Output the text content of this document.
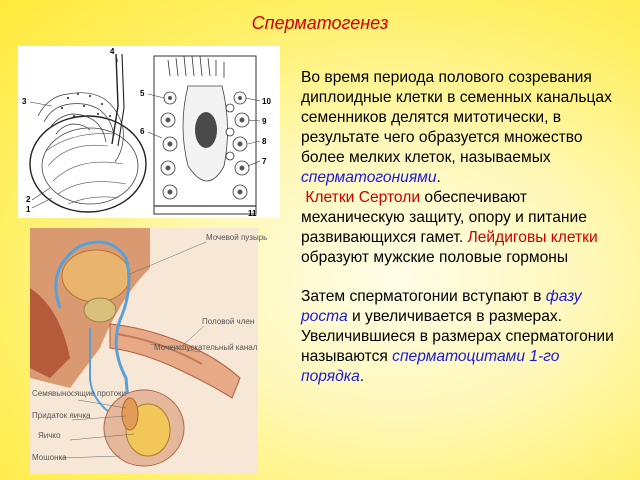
Сперматогенез
1
2
3
4
5
6
7
8
9
10
11
Мочевой пузырь
Половой член
Мочеиспускательный канал
Семявыносящие протоки
Придаток яичка
Яичко
Мошонка

Во время периода полового созревания диплоидные клетки в семенных канальцах семенников делятся митотически, в результате чего образуется множество более мелких клеток, называемых сперматогониями.

Клетки Сертоли обеспечивают механическую защиту, опору и питание развивающихся гамет. Лейдиговы клетки образуют мужские половые гормоны

Затем сперматогонии вступают в фазу роста и увеличивается в размерах. Увеличившиеся в размерах сперматогонии называются сперматоцитами 1-го порядка.
